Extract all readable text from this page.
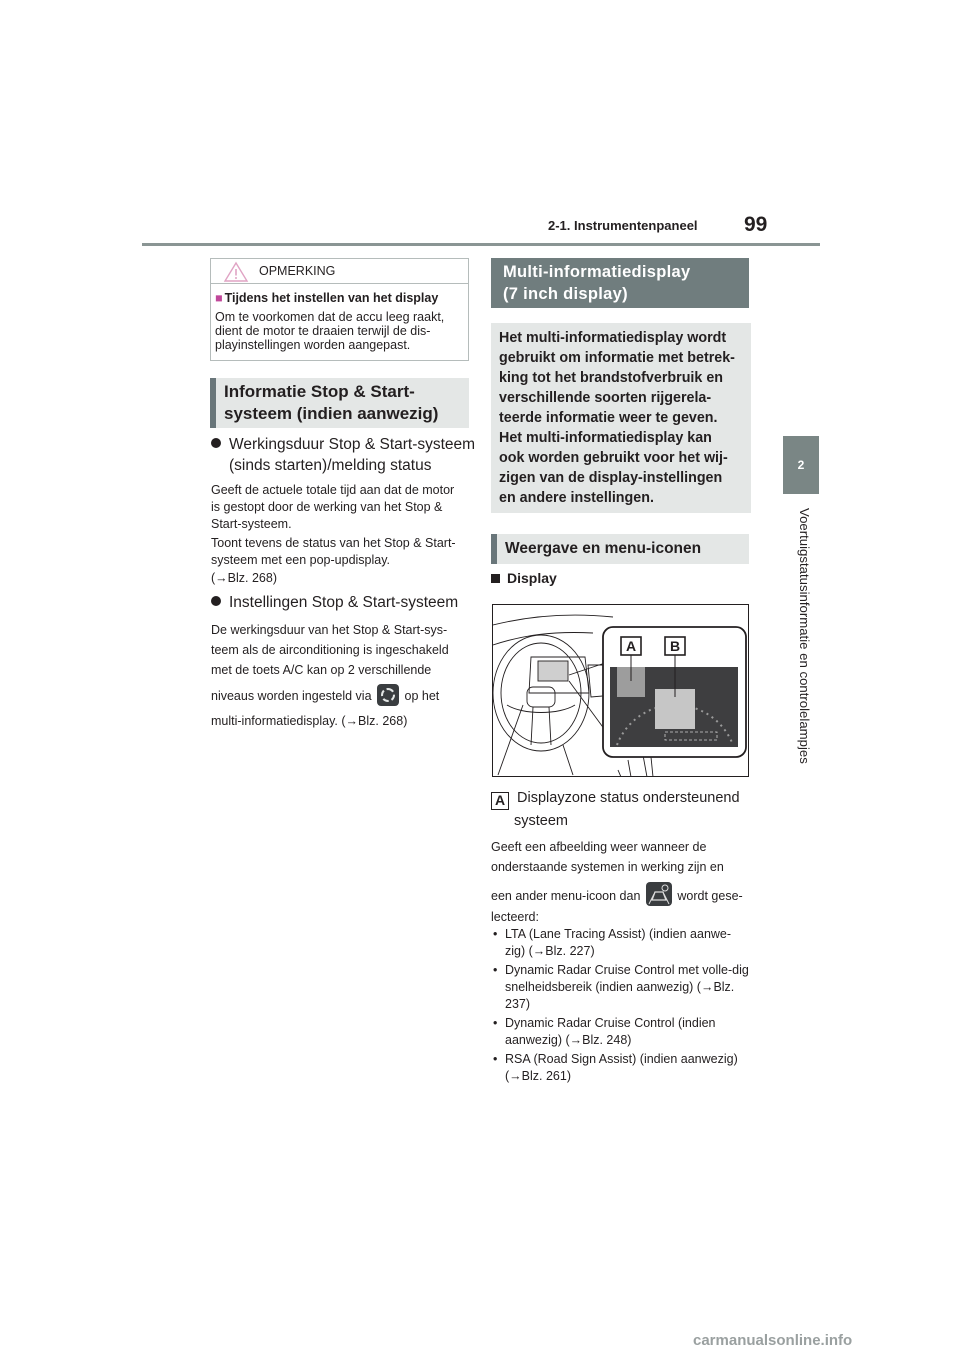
2-1. Instrumentenpaneel 99
2
Voertuigstatusinformatie en controlelampjes
OPMERKING
■ Tijdens het instellen van het display
Om te voorkomen dat de accu leeg raakt, dient de motor te draaien terwijl de dis-playinstellingen worden aangepast.
Informatie Stop & Start-
systeem (indien aanwezig)
Werkingsduur Stop & Start-systeem
(sinds starten)/melding status
Geeft de actuele totale tijd aan dat de motor
is gestopt door de werking van het Stop &
Start-systeem.
Toont tevens de status van het Stop & Start-
systeem met een pop-updisplay.
(→Blz. 268)
Instellingen Stop & Start-systeem
De werkingsduur van het Stop & Start-sys-
teem als de airconditioning is ingeschakeld
met de toets A/C kan op 2 verschillende
niveaus worden ingesteld via	op het
multi-informatiedisplay. (→Blz. 268)
Multi-informatiedisplay
(7 inch display)
Het multi-informatiedisplay wordt
gebruikt om informatie met betrek-
king tot het brandstofverbruik en
verschillende soorten rijgerela-
teerde informatie weer te geven.
Het multi-informatiedisplay kan
ook worden gebruikt voor het wij-
zigen van de display-instellingen
en andere instellingen.
Weergave en menu-iconen
Display
A B
A Displayzone status ondersteunend
systeem
Geeft een afbeelding weer wanneer de
onderstaande systemen in werking zijn en
een ander menu-icoon dan	wordt gese-
lecteerd:
• LTA (Lane Tracing Assist) (indien aanwe-zig) (→Blz. 227)
• Dynamic Radar Cruise Control met volle-dig snelheidsbereik (indien aanwezig) (→Blz. 237)
• Dynamic Radar Cruise Control (indien aanwezig) (→Blz. 248)
• RSA (Road Sign Assist) (indien aanwezig) (→Blz. 261)
carmanualsonline.info
